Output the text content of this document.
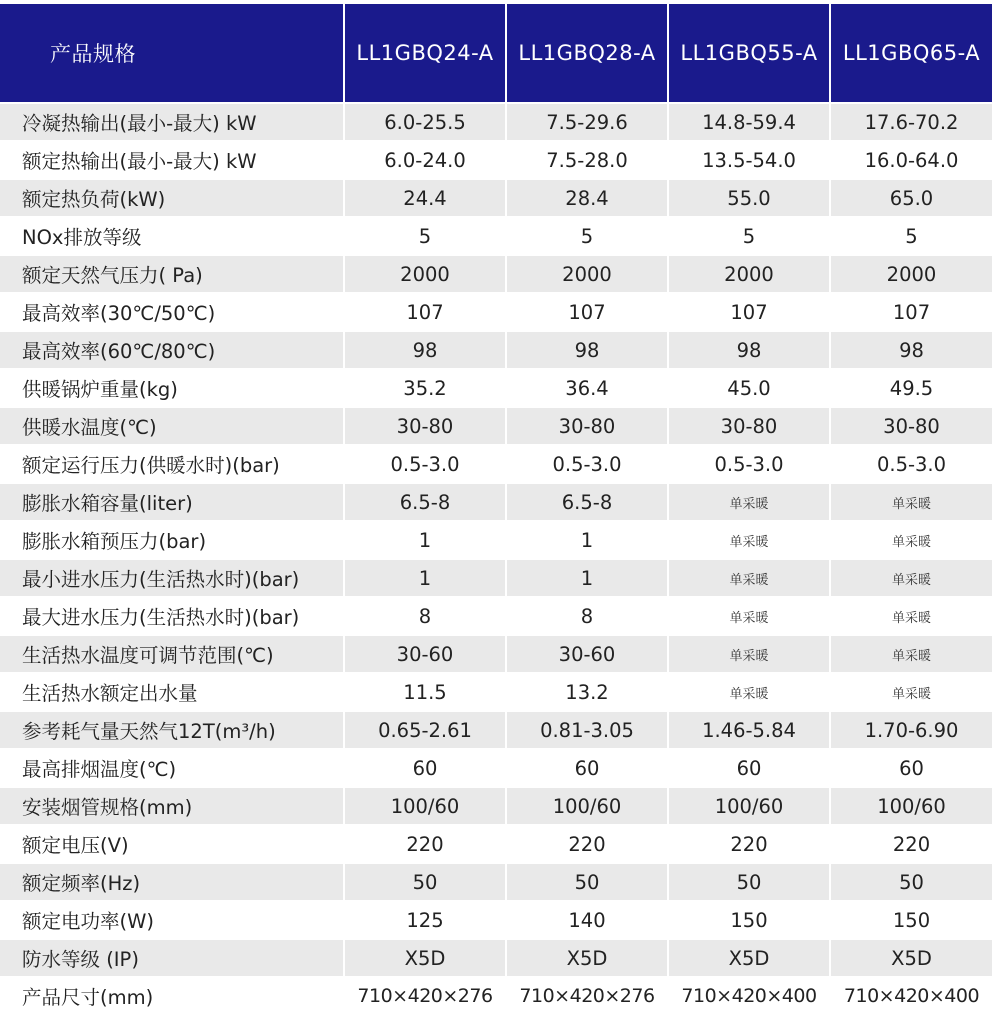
产品规格	LL1GBQ24-A	LL1GBQ28-A	LL1GBQ55-A	LL1GBQ65-A
冷凝热输出(最小-最大) kW	6.0-25.5	7.5-29.6	14.8-59.4	17.6-70.2
额定热输出(最小-最大) kW	6.0-24.0	7.5-28.0	13.5-54.0	16.0-64.0
额定热负荷(kW)	24.4	28.4	55.0	65.0
NOx排放等级	5	5	5	5
额定天然气压力( Pa)	2000	2000	2000	2000
最高效率(30℃/50℃)	107	107	107	107
最高效率(60℃/80℃)	98	98	98	98
供暖锅炉重量(kg)	35.2	36.4	45.0	49.5
供暖水温度(℃)	30-80	30-80	30-80	30-80
额定运行压力(供暖水时)(bar)	0.5-3.0	0.5-3.0	0.5-3.0	0.5-3.0
膨胀水箱容量(liter)	6.5-8	6.5-8	单采暖	单采暖
膨胀水箱预压力(bar)	1	1	单采暖	单采暖
最小进水压力(生活热水时)(bar)	1	1	单采暖	单采暖
最大进水压力(生活热水时)(bar)	8	8	单采暖	单采暖
生活热水温度可调节范围(℃)	30-60	30-60	单采暖	单采暖
生活热水额定出水量	11.5	13.2	单采暖	单采暖
参考耗气量天然气12T(m³/h)	0.65-2.61	0.81-3.05	1.46-5.84	1.70-6.90
最高排烟温度(℃)	60	60	60	60
安装烟管规格(mm)	100/60	100/60	100/60	100/60
额定电压(V)	220	220	220	220
额定频率(Hz)	50	50	50	50
额定电功率(W)	125	140	150	150
防水等级 (IP)	X5D	X5D	X5D	X5D
产品尺寸(mm)	710×420×276	710×420×276	710×420×400	710×420×400
